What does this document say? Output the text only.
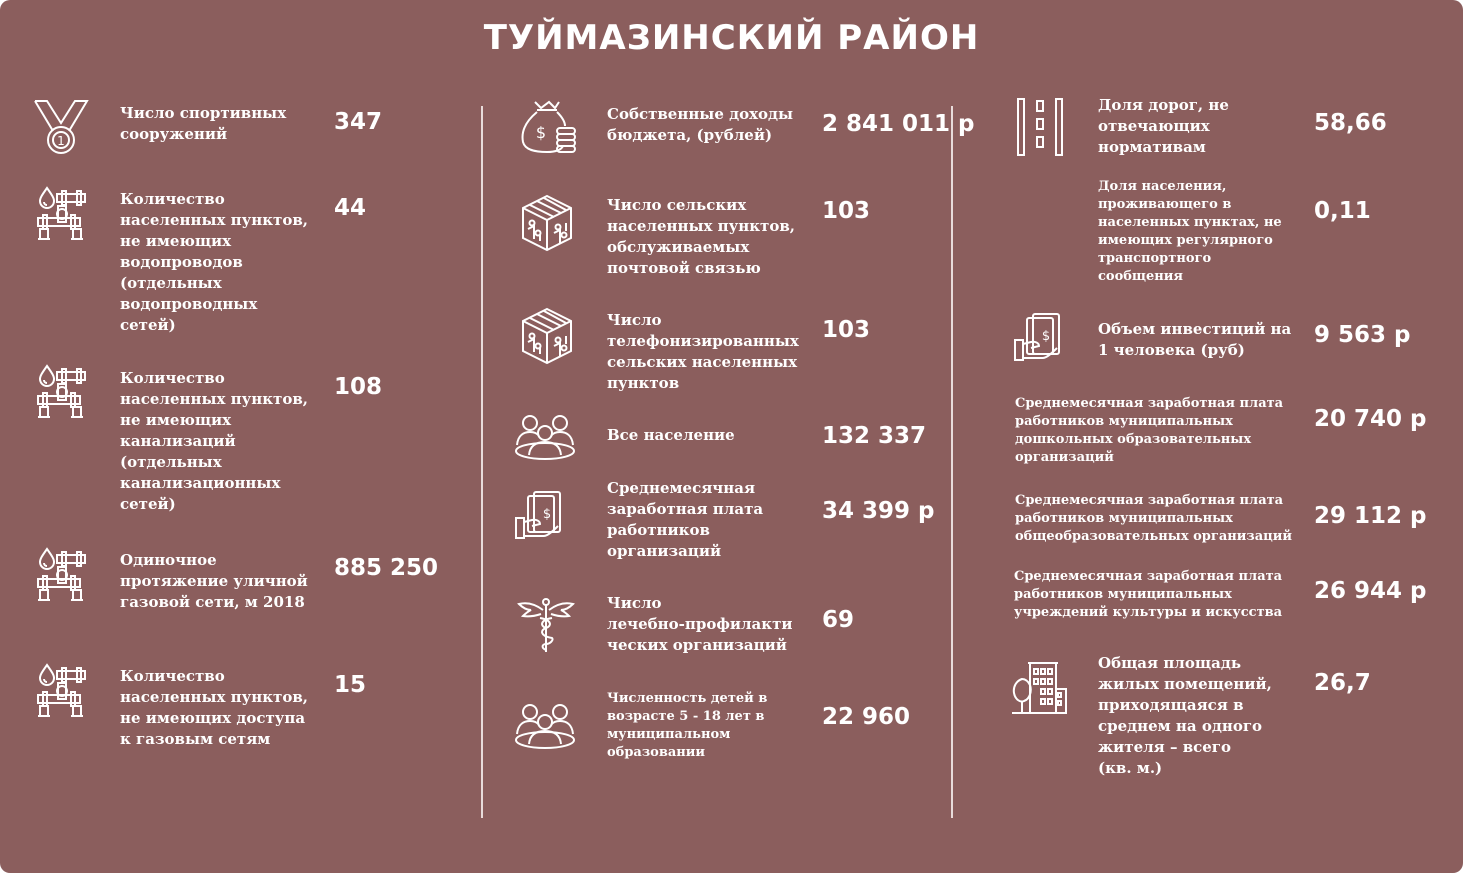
ТУЙМАЗИНСКИЙ РАЙОН
1
Число спортивных
сооружений	347
Количество
населенных пунктов,
не имеющих
водопроводов
(отдельных
водопроводных
сетей)
44
Количество
населенных пунктов,
не имеющих
канализаций
(отдельных
канализационных
сетей)
108
Одиночное
протяжение уличной
газовой сети, м 2018
885 250
Количество
населенных пунктов,
не имеющих доступа
к газовым сетям
15
$
Собственные доходы
бюджета, (рублей)	2 841 011 р
Число сельских
населенных пунктов,
обслуживаемых
почтовой связью
103
Число
телефонизированных
сельских населенных
пунктов
103
Все население	132 337
$
Среднемесячная
заработная плата
работников
организаций
34 399 р
Число
лечебно-профилакти
ческих организаций
69
Численность детей в
возрасте 5 - 18 лет в
муниципальном
образовании
22 960
Доля дорог, не
отвечающих
нормативам
58,66
Доля населения,
проживающего в
населенных пунктах, не
имеющих регулярного
транспортного
сообщения
0,11
$	Объем инвестиций на
1 человека (руб)
9 563 р
Среднемесячная заработная плата
работников муниципальных
дошкольных образовательных
организаций
20 740 р
Среднемесячная заработная плата
работников муниципальных
общеобразовательных организаций
29 112 р
Среднемесячная заработная плата
работников муниципальных
учреждений культуры и искусства
26 944 р
Общая площадь
жилых помещений,
приходящаяся в
среднем на одного
жителя – всего
(кв. м.)
26,7
